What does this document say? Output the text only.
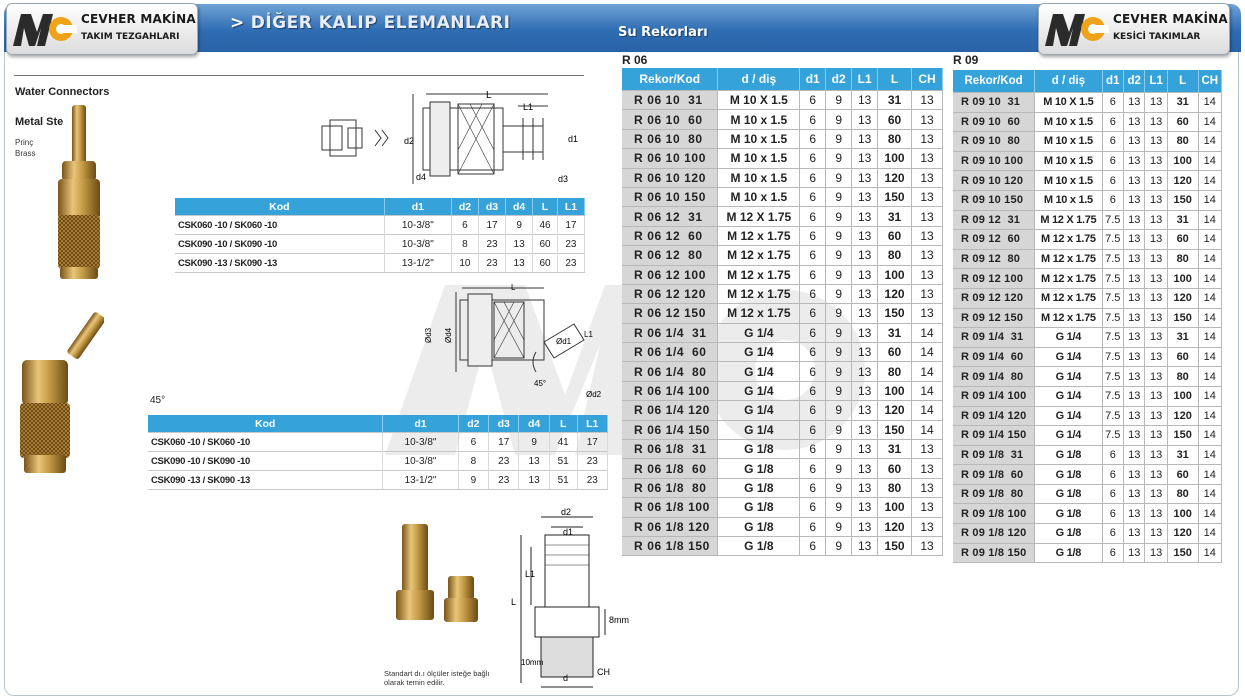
CEVHER MAKİNA
TAKIM TEZGAHLARI
CEVHER MAKİNA
KESİCİ TAKIMLAR
> DİĞER KALIP ELEMANLARI	Su Rekorları
Water Connectors
Metal Ste
Prinç
Brass
L
L1
d2	d1
d3
d4
Kod	d1	d2	d3	d4	L	L1
CSK060 -10 / SK060 -10	10-3/8"	6	17	9	46	17
CSK090 -10 / SK090 -10	10-3/8"	8	23	13	60	23
CSK090 -13 / SK090 -13	13-1/2"	10	23	13	60	23
L
L1
Ød3 Ød4	Ød1
Ød2
45°
45°
Kod	d1	d2	d3	d4	L	L1
CSK060 -10 / SK060 -10	10-3/8"	6	17	9	41	17
CSK090 -10 / SK090 -10	10-3/8"	8	23	13	51	23
CSK090 -13 / SK090 -13	13-1/2"	9	23	13	51	23
Standart dı.ı ölçüler isteğe bağlı olarak temin edilir.
d2
d1
L1
L
8mm
10mm
d
CH
R 06
Rekor/Kod	d / diş	d1	d2	L1	L	CH
R 06 10  31	M 10 X 1.5	6	9	13	31	13
R 06 10  60	M 10 x 1.5	6	9	13	60	13
R 06 10  80	M 10 x 1.5	6	9	13	80	13
R 06 10 100	M 10 x 1.5	6	9	13	100	13
R 06 10 120	M 10 x 1.5	6	9	13	120	13
R 06 10 150	M 10 x 1.5	6	9	13	150	13
R 06 12  31	M 12 X 1.75	6	9	13	31	13
R 06 12  60	M 12 x 1.75	6	9	13	60	13
R 06 12  80	M 12 x 1.75	6	9	13	80	13
R 06 12 100	M 12 x 1.75	6	9	13	100	13
R 06 12 120	M 12 x 1.75	6	9	13	120	13
R 06 12 150	M 12 x 1.75	6	9	13	150	13
R 06 1/4  31	G 1/4	6	9	13	31	14
R 06 1/4  60	G 1/4	6	9	13	60	14
R 06 1/4  80	G 1/4	6	9	13	80	14
R 06 1/4 100	G 1/4	6	9	13	100	14
R 06 1/4 120	G 1/4	6	9	13	120	14
R 06 1/4 150	G 1/4	6	9	13	150	14
R 06 1/8  31	G 1/8	6	9	13	31	13
R 06 1/8  60	G 1/8	6	9	13	60	13
R 06 1/8  80	G 1/8	6	9	13	80	13
R 06 1/8 100	G 1/8	6	9	13	100	13
R 06 1/8 120	G 1/8	6	9	13	120	13
R 06 1/8 150	G 1/8	6	9	13	150	13
R 09
Rekor/Kod	d / diş	d1	d2	L1	L	CH
R 09 10  31	M 10 X 1.5	6	13	13	31	14
R 09 10  60	M 10 x 1.5	6	13	13	60	14
R 09 10  80	M 10 x 1.5	6	13	13	80	14
R 09 10 100	M 10 x 1.5	6	13	13	100	14
R 09 10 120	M 10 x 1.5	6	13	13	120	14
R 09 10 150	M 10 x 1.5	6	13	13	150	14
R 09 12  31	M 12 X 1.75	7.5	13	13	31	14
R 09 12  60	M 12 x 1.75	7.5	13	13	60	14
R 09 12  80	M 12 x 1.75	7.5	13	13	80	14
R 09 12 100	M 12 x 1.75	7.5	13	13	100	14
R 09 12 120	M 12 x 1.75	7.5	13	13	120	14
R 09 12 150	M 12 x 1.75	7.5	13	13	150	14
R 09 1/4  31	G 1/4	7.5	13	13	31	14
R 09 1/4  60	G 1/4	7.5	13	13	60	14
R 09 1/4  80	G 1/4	7.5	13	13	80	14
R 09 1/4 100	G 1/4	7.5	13	13	100	14
R 09 1/4 120	G 1/4	7.5	13	13	120	14
R 09 1/4 150	G 1/4	7.5	13	13	150	14
R 09 1/8  31	G 1/8	6	13	13	31	14
R 09 1/8  60	G 1/8	6	13	13	60	14
R 09 1/8  80	G 1/8	6	13	13	80	14
R 09 1/8 100	G 1/8	6	13	13	100	14
R 09 1/8 120	G 1/8	6	13	13	120	14
R 09 1/8 150	G 1/8	6	13	13	150	14
